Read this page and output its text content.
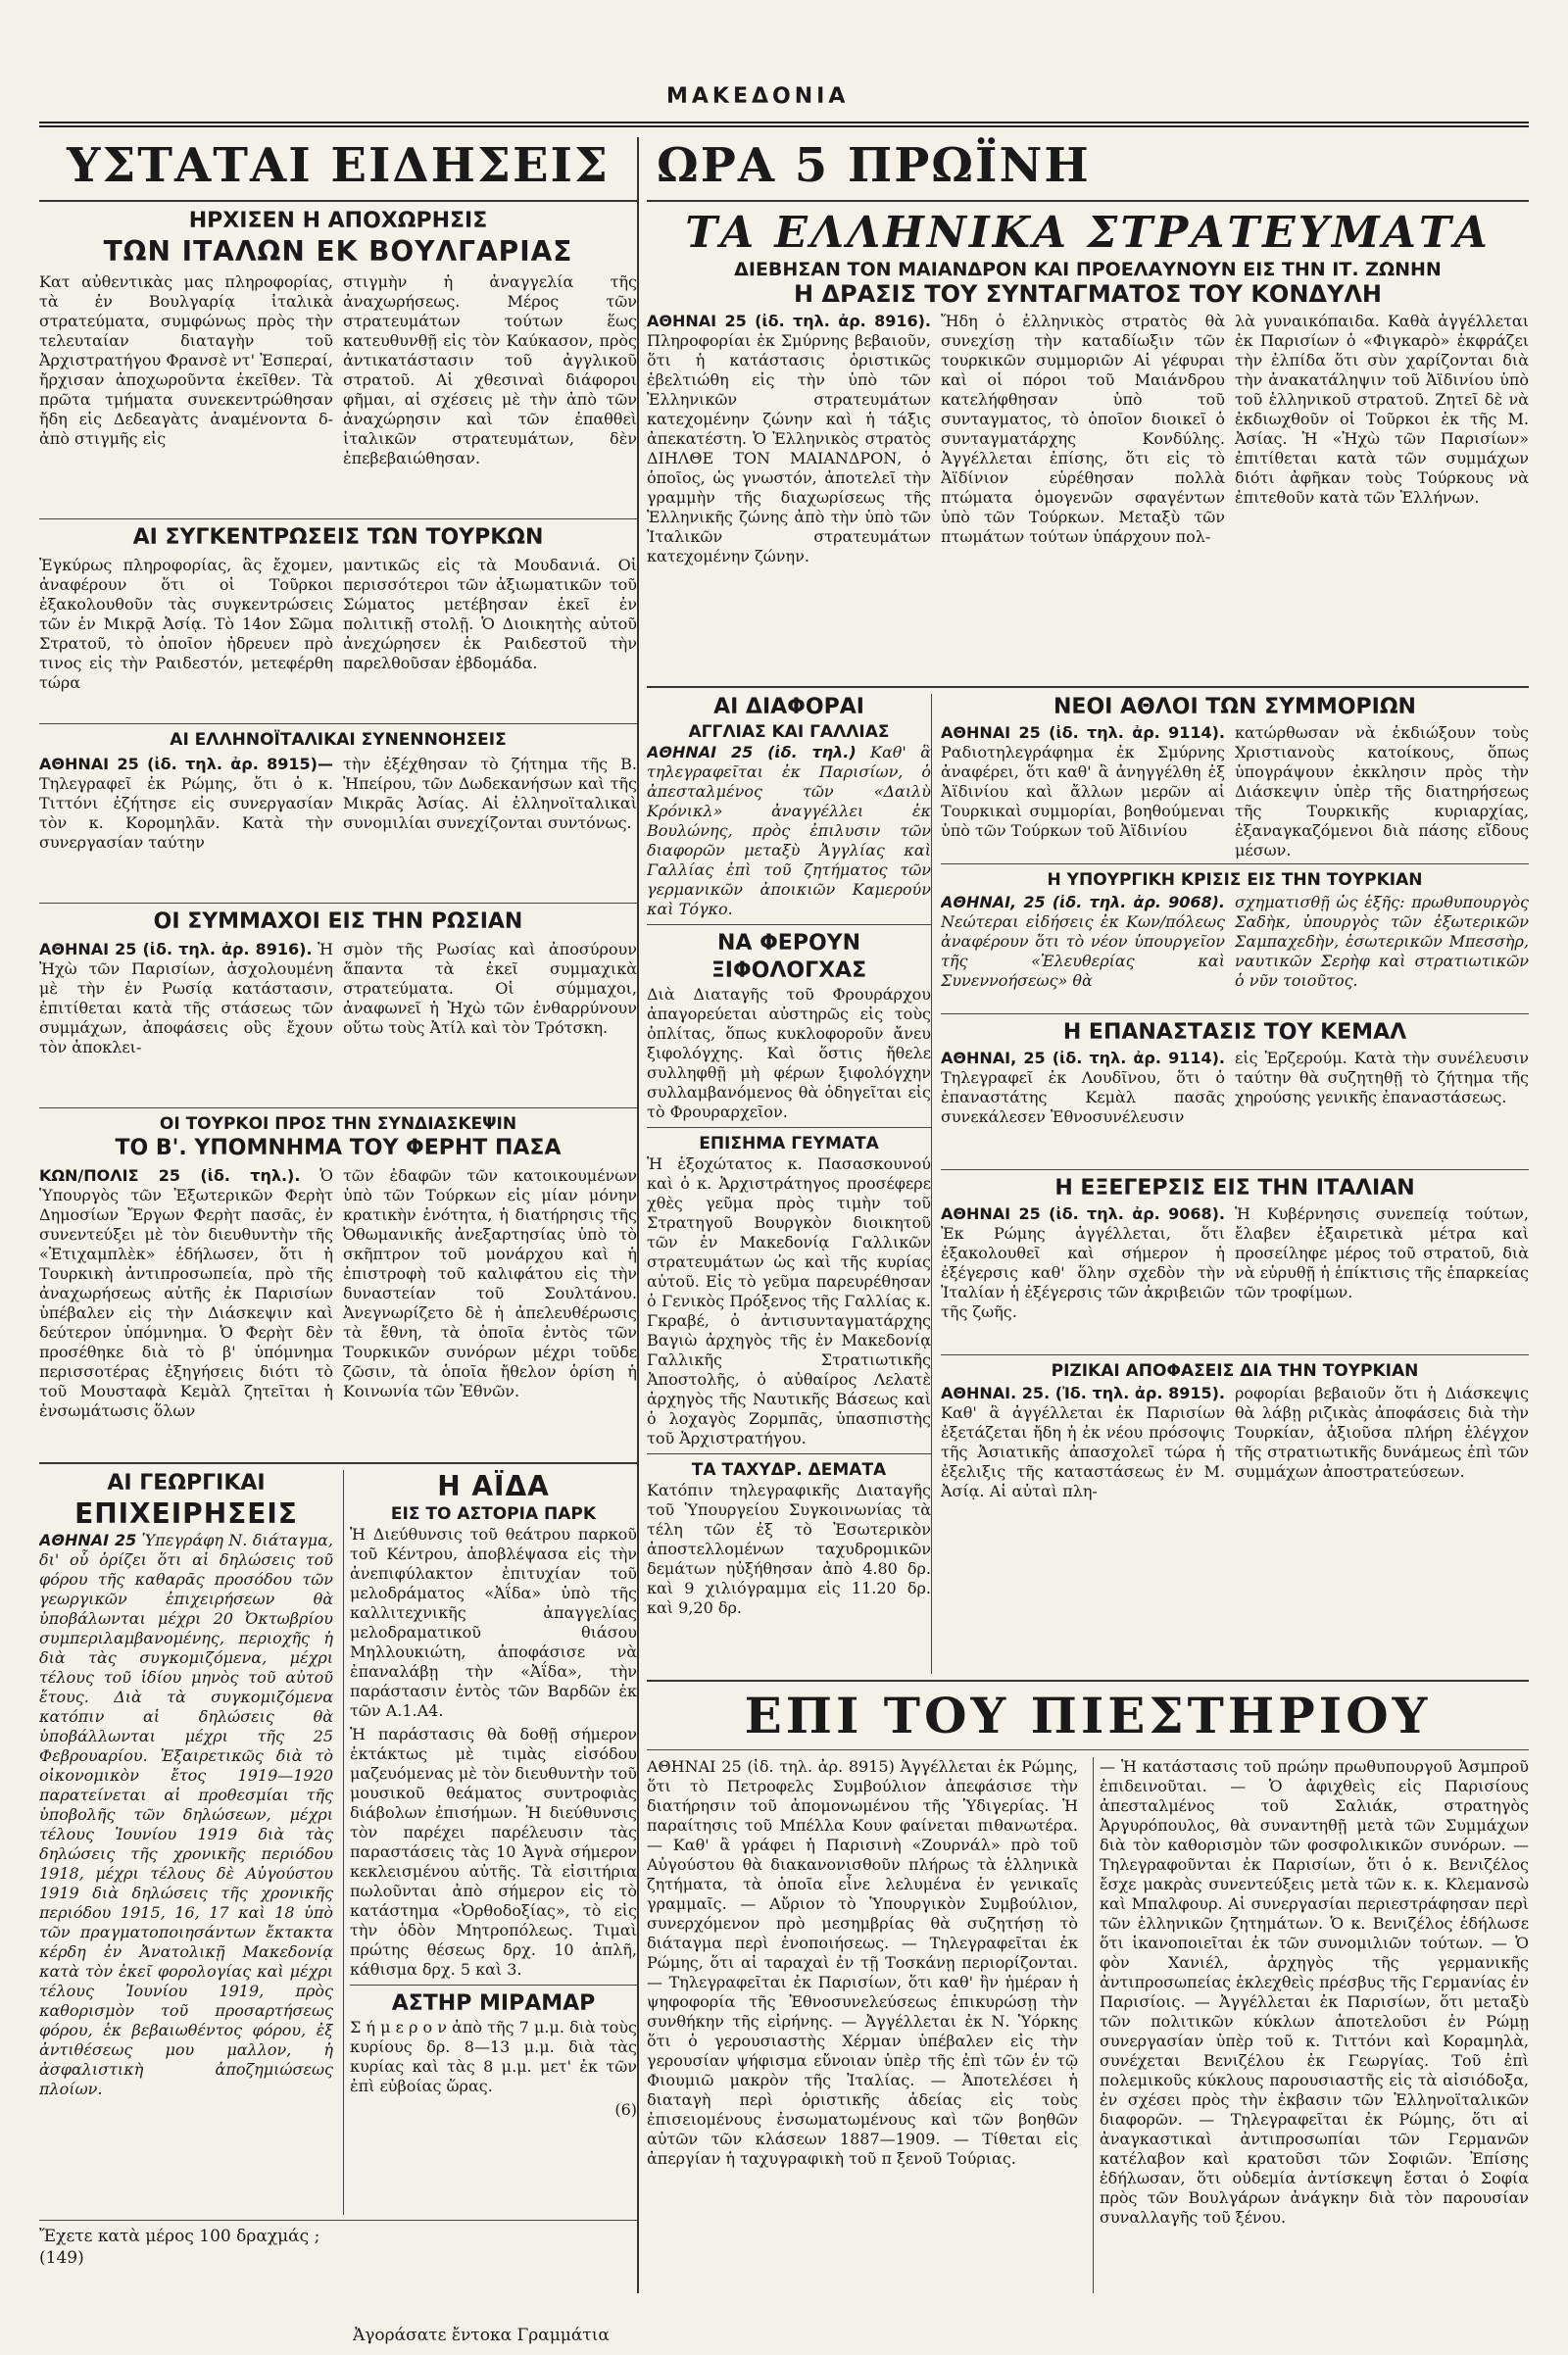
ΜΑΚΕΔΟΝΙΑ
ΥΣΤΑΤΑΙ ΕΙΔΗΣΕΙΣ
ΗΡΧΙΣΕΝ Η ΑΠΟΧΩΡΗΣΙΣ
ΤΩΝ ΙΤΑΛΩΝ ΕΚ ΒΟΥΛΓΑΡΙΑΣ

Κατ αὐθεντικὰς μας πληροφορίας, τὰ ἐν Βουλγαρίᾳ ἰταλικὰ στρατεύματα, συμφώνως πρὸς τὴν τελευταίαν διαταγὴν τοῦ Ἀρχιστρατήγου Φρανσὲ ντ' Ἐσπεραί, ἤρχισαν ἀποχωροῦντα ἐκεῖθεν. Τὰ πρῶτα τμήματα συνεκεντρώθησαν ἤδη εἰς Δεδεαγὰτς ἀναμένοντα δ- ἀπὸ στιγμῆς εἰς

στιγμὴν ἡ ἀναγγελία τῆς ἀναχωρήσεως. Μέρος τῶν στρατευμάτων τούτων ἕως κατευθυνθῇ εἰς τὸν Καύκασον, πρὸς ἀντικατάστασιν τοῦ ἀγγλικοῦ στρατοῦ. Αἱ χθεσιναὶ διάφοροι φῆμαι, αἱ σχέσεις μὲ τὴν ἀπὸ τῶν ἀναχώρησιν καὶ τῶν ἐπαθθεὶ ἰταλικῶν στρατευμάτων, δὲν ἐπεβεβαιώθησαν.

ΑΙ ΣΥΓΚΕΝΤΡΩΣΕΙΣ ΤΩΝ ΤΟΥΡΚΩΝ

Ἐγκύρως πληροφορίας, ἃς ἔχομεν, ἀναφέρουν ὅτι οἱ Τοῦρκοι ἐξακολουθοῦν τὰς συγκεντρώσεις τῶν ἐν Μικρᾷ Ἀσίᾳ. Τὸ 14ον Σῶμα Στρατοῦ, τὸ ὁποῖον ἠδρευεν πρὸ τινος εἰς τὴν Ραιδεστόν, μετεφέρθη τώρα

μαντικῶς εἰς τὰ Μουδανιά. Οἱ περισσότεροι τῶν ἀξιωματικῶν τοῦ Σώματος μετέβησαν ἐκεῖ ἐν πολιτικῇ στολῇ. Ὁ Διοικητὴς αὐτοῦ ἀνεχώρησεν ἐκ Ραιδεστοῦ τὴν παρελθοῦσαν ἑβδομάδα.

ΑΙ ΕΛΛΗΝΟΪΤΑΛΙΚΑΙ ΣΥΝΕΝΝΟΗΣΕΙΣ

ΑΘΗΝΑΙ 25 (ἰδ. τηλ. ἀρ. 8915)— Τηλεγραφεῖ ἐκ Ρώμης, ὅτι ὁ κ. Τιττόνι ἐζήτησε εἰς συνεργασίαν τὸν κ. Κορομηλᾶν. Κατὰ τὴν συνεργασίαν ταύτην

τὴν ἐξέχθησαν τὸ ζήτημα τῆς Β. Ἠπείρου, τῶν Δωδεκανήσων καὶ τῆς Μικρᾶς Ἀσίας. Αἱ ἑλληνοϊταλικαὶ συνομιλίαι συνεχίζονται συντόνως.

ΟΙ ΣΥΜΜΑΧΟΙ ΕΙΣ ΤΗΝ ΡΩΣΙΑΝ

ΑΘΗΝΑΙ 25 (ἰδ. τηλ. ἀρ. 8916). Ἡ Ἠχὼ τῶν Παρισίων, ἀσχολουμένη μὲ τὴν ἐν Ρωσίᾳ κατάστασιν, ἐπιτίθεται κατὰ τῆς στάσεως τῶν συμμάχων, ἀποφάσεις οὓς ἔχουν τὸν ἀποκλει-

σμὸν τῆς Ρωσίας καὶ ἀποσύρουν ἅπαντα τὰ ἐκεῖ συμμαχικὰ στρατεύματα. Οἱ σύμμαχοι, ἀναφωνεῖ ἡ Ἠχὼ τῶν ἐνθαρρύνουν οὕτω τοὺς Ἀτίλ καὶ τὸν Τρότσκη.

ΟΙ ΤΟΥΡΚΟΙ ΠΡΟΣ ΤΗΝ ΣΥΝΔΙΑΣΚΕΨΙΝ
ΤΟ Β'. ΥΠΟΜΝΗΜΑ ΤΟΥ ΦΕΡΗΤ ΠΑΣΑ

ΚΩΝ/ΠΟΛΙΣ 25 (ἰδ. τηλ.). Ὁ Ὑπουργὸς τῶν Ἐξωτερικῶν Φερὴτ Δημοσίων Ἔργων Φερὴτ πασᾶς, ἐν συνεντεύξει μὲ τὸν διευθυντὴν τῆς «Ἐτιχαμπλὲκ» ἐδήλωσεν, ὅτι ἡ Τουρκικὴ ἀντιπροσωπεία, πρὸ τῆς ἀναχωρήσεως αὐτῆς ἐκ Παρισίων ὑπέβαλεν εἰς τὴν Διάσκεψιν καὶ δεύτερον ὑπόμνημα. Ὁ Φερὴτ δὲν προσέθηκε διὰ τὸ β' ὑπόμνημα περισσοτέρας ἐξηγήσεις διότι τὸ τοῦ Μουσταφὰ Κεμὰλ ζητεῖται ἡ ἐνσωμάτωσις ὅλων

τῶν ἐδαφῶν τῶν κατοικουμένων ὑπὸ τῶν Τούρκων εἰς μίαν μόνην κρατικὴν ἑνότητα, ἡ διατήρησις τῆς Ὀθωμανικῆς ἀνεξαρτησίας ὑπὸ τὸ σκῆπτρον τοῦ μονάρχου καὶ ἡ ἐπιστροφὴ τοῦ καλιφάτου εἰς τὴν δυναστείαν τοῦ Σουλτάνου. Ἀνεγνωρίζετο δὲ ἡ ἀπελευθέρωσις τὰ ἔθνη, τὰ ὁποῖα ἐντὸς τῶν Τουρκικῶν συνόρων μέχρι τοῦδε ζῶσιν, τὰ ὁποῖα ἤθελον ὁρίση ἡ Κοινωνία τῶν Ἐθνῶν.

ΑΙ ΓΕΩΡΓΙΚΑΙ
ΕΠΙΧΕΙΡΗΣΕΙΣ

ΑΘΗΝΑΙ 25 Ὑπεγράφη Ν. διάταγμα, δι' οὗ ὁρίζει ὅτι αἱ δηλώσεις τοῦ φόρου τῆς καθαρᾶς προσόδου τῶν γεωργικῶν ἐπιχειρήσεων θὰ ὑποβάλωνται μέχρι 20 Ὀκτωβρίου συμπεριλαμβανομένης, περιοχῆς ἡ διὰ τὰς συγκομιζόμενα, μέχρι τέλους τοῦ ἰδίου μηνὸς τοῦ αὐτοῦ ἔτους. Διὰ τὰ συγκομιζόμενα κατόπιν αἱ δηλώσεις θὰ ὑποβάλλωνται μέχρι τῆς 25 Φεβρουαρίου. Ἐξαιρετικῶς διὰ τὸ οἰκονομικὸν ἔτος 1919—1920 παρατείνεται αἱ προθεσμίαι τῆς ὑποβολῆς τῶν δηλώσεων, μέχρι τέλους Ἰουνίου 1919 διὰ τὰς δηλώσεις τῆς χρονικῆς περιόδου 1918, μέχρι τέλους δὲ Αὐγούστου 1919 διὰ δηλώσεις τῆς χρονικῆς περιόδου 1915, 16, 17 καὶ 18 ὑπὸ τῶν πραγματοποιησάντων ἔκτακτα κέρδη ἐν Ἀνατολικῇ Μακεδονίᾳ κατὰ τὸν ἐκεῖ φορολογίας καὶ μέχρι τέλους Ἰουνίου 1919, πρὸς καθορισμὸν τοῦ προσαρτήσεως φόρου, ἐκ βεβαιωθέντος φόρου, ἐξ ἀντιθέσεως μου μαλλον, ἡ ἀσφαλιστικὴ ἀποζημιώσεως πλοίων.

Η ΑΪΔΑ
ΕΙΣ ΤΟ ΑΣΤΟΡΙΑ ΠΑΡΚ

Ἡ Διεύθυνσις τοῦ θεάτρου παρκοῦ τοῦ Κέντρου, ἀποβλέψασα εἰς τὴν ἀνεπιφύλακτον ἐπιτυχίαν τοῦ μελοδράματος «Ἀΐδα» ὑπὸ τῆς καλλιτεχνικῆς ἀπαγγελίας μελοδραματικοῦ θιάσου Μηλλουκιώτη, ἀποφάσισε νὰ ἐπαναλάβῃ τὴν «Ἀΐδα», τὴν παράστασιν ἐντὸς τῶν Βαρδῶν ἐκ τῶν Α.1.Α4.

Ἡ παράστασις θὰ δοθῇ σήμερον ἐκτάκτως μὲ τιμὰς εἰσόδου μαζευόμενας μὲ τὸν διευθυντὴν τοῦ μουσικοῦ θεάματος συντροφιὰς διάβολων ἐπισήμων. Ἡ διεύθυνσις τὸν παρέχει παρέλευσιν τὰς παραστάσεις τὰς 10 Ἀγνὰ σήμερον κεκλεισμένου αὐτῆς. Τὰ εἰσιτήρια πωλοῦνται ἀπὸ σήμερον εἰς τὸ κατάστημα «Ὀρθοδοξίας», τὸ εἰς τὴν ὁδὸν Μητροπόλεως. Τιμαὶ πρώτης θέσεως δρχ. 10 ἀπλῆ, κάθισμα δρχ. 5 καὶ 3.

ΑΣΤΗΡ ΜΙΡΑΜΑΡ

Σ ή μ ε ρ ο ν ἀπὸ τῆς 7 μ.μ. διὰ τοὺς κυρίους δρ. 8—13 μ.μ. διὰ τὰς κυρίας καὶ τὰς 8 μ.μ. μετ' ἐκ τῶν ἐπὶ εὐβοίας ὥρας.

(6)

Ἔχετε κατὰ μέρος 100 δραχμάς ;

(149)

ΩΡΑ 5 ΠΡΩΪΝΗ
ΤΑ ΕΛΛΗΝΙΚΑ ΣΤΡΑΤΕΥΜΑΤΑ
ΔΙΕΒΗΣΑΝ ΤΟΝ ΜΑΙΑΝΔΡΟΝ ΚΑΙ ΠΡΟΕΛΑΥΝΟΥΝ ΕΙΣ ΤΗΝ ΙΤ. ΖΩΝΗΝ
Η ΔΡΑΣΙΣ ΤΟΥ ΣΥΝΤΑΓΜΑΤΟΣ ΤΟΥ ΚΟΝΔΥΛΗ

ΑΘΗΝΑΙ 25 (ἰδ. τηλ. ἀρ. 8916). Πληροφορίαι ἐκ Σμύρνης βεβαιοῦν, ὅτι ἡ κατάστασις ὁριστικῶς ἐβελτιώθη εἰς τὴν ὑπὸ τῶν Ἑλληνικῶν στρατευμάτων κατεχομένην ζώνην καὶ ἡ τάξις ἀπεκατέστη. Ὁ Ἑλληνικὸς στρατὸς ΔΙΗΛΘΕ ΤΟΝ ΜΑΙΑΝΔΡΟΝ, ὁ ὁποῖος, ὡς γνωστόν, ἀποτελεῖ τὴν γραμμὴν τῆς διαχωρίσεως τῆς Ἑλληνικῆς ζώνης ἀπὸ τὴν ὑπὸ τῶν Ἰταλικῶν στρατευμάτων κατεχομένην ζώνην.

Ἤδη ὁ ἑλληνικὸς στρατὸς θὰ συνεχίσῃ τὴν καταδίωξιν τῶν τουρκικῶν συμμοριῶν Αἱ γέφυραι καὶ οἱ πόροι τοῦ Μαιάνδρου κατελήφθησαν ὑπὸ τοῦ συνταγματος, τὸ ὁποῖον διοικεῖ ὁ συνταγματάρχης Κονδύλης. Ἀγγέλλεται ἐπίσης, ὅτι εἰς τὸ Ἀϊδίνιον εὑρέθησαν πολλὰ πτώματα ὁμογενῶν σφαγέντων ὑπὸ τῶν Τούρκων. Μεταξὺ τῶν πτωμάτων τούτων ὑπάρχουν πολ-

λὰ γυναικόπαιδα. Καθὰ ἀγγέλλεται ἐκ Παρισίων ὁ «Φιγκαρὸ» ἐκφράζει τὴν ἐλπίδα ὅτι σὺν χαρίζονται διὰ τὴν ἀνακατάληψιν τοῦ Ἀϊδινίου ὑπὸ τοῦ ἑλληνικοῦ στρατοῦ. Ζητεῖ δὲ νὰ ἐκδιωχθοῦν οἱ Τοῦρκοι ἐκ τῆς Μ. Ἀσίας. Ἡ «Ἠχὼ τῶν Παρισίων» ἐπιτίθεται κατὰ τῶν συμμάχων διότι ἀφῆκαν τοὺς Τούρκους νὰ ἐπιτεθοῦν κατὰ τῶν Ἑλλήνων.

ΑΙ ΔΙΑΦΟΡΑΙ
ΑΓΓΛΙΑΣ ΚΑΙ ΓΑΛΛΙΑΣ

ΑΘΗΝΑΙ 25 (ἰδ. τηλ.) Καθ' ἃ τηλεγραφεῖται ἐκ Παρισίων, ὁ ἀπεσταλμένος τῶν «Δαιλὺ Κρόνικλ» ἀναγγέλλει ἐκ Βουλώνης, πρὸς ἐπιλυσιν τῶν διαφορῶν μεταξὺ Ἀγγλίας καὶ Γαλλίας ἐπὶ τοῦ ζητήματος τῶν γερμανικῶν ἀποικιῶν Καμερούν καὶ Τόγκο.

ΝΑ ΦΕΡΟΥΝ
ΞΙΦΟΛΟΓΧΑΣ

Διὰ Διαταγῆς τοῦ Φρουράρχου ἀπαγορεύεται αὐστηρῶς εἰς τοὺς ὁπλίτας, ὅπως κυκλοφοροῦν ἄνευ ξιφολόγχης. Καὶ ὅστις ἤθελε συλληφθῇ μὴ φέρων ξιφολόγχην συλλαμβανόμενος θὰ ὁδηγεῖται εἰς τὸ Φρουραρχεῖον.

ΕΠΙΣΗΜΑ ΓΕΥΜΑΤΑ

Ἡ ἐξοχώτατος κ. Πασασκουνού καὶ ὁ κ. Ἀρχιστράτηγος προσέφερε χθὲς γεῦμα πρὸς τιμὴν τοῦ Στρατηγοῦ Βουργκὸν διοικητοῦ τῶν ἐν Μακεδονίᾳ Γαλλικῶν στρατευμάτων ὡς καὶ τῆς κυρίας αὐτοῦ. Εἰς τὸ γεῦμα παρευρέθησαν ὁ Γενικὸς Πρόξενος τῆς Γαλλίας κ. Γκραβέ, ὁ ἀντισυνταγματάρχης Βαγιὼ ἀρχηγὸς τῆς ἐν Μακεδονίᾳ Γαλλικῆς Στρατιωτικῆς Ἀποστολῆς, ὁ αὐθαίρος Λελατὲ ἀρχηγὸς τῆς Ναυτικῆς Βάσεως καὶ ὁ λοχαγὸς Ζορμπᾶς, ὑπασπιστὴς τοῦ Ἀρχιστρατήγου.

ΤΑ ΤΑΧΥΔΡ. ΔΕΜΑΤΑ

Κατόπιν τηλεγραφικῆς Διαταγῆς τοῦ Ὑπουργείου Συγκοινωνίας τὰ τέλη τῶν ἐξ τὸ Ἐσωτερικὸν ἀποστελλομένων ταχυδρομικῶν δεμάτων ηὐξήθησαν ἀπὸ 4.80 δρ. καὶ 9 χιλιόγραμμα εἰς 11.20 δρ. καὶ 9,20 δρ.

ΝΕΟΙ ΑΘΛΟΙ ΤΩΝ ΣΥΜΜΟΡΙΩΝ

ΑΘΗΝΑΙ 25 (ἰδ. τηλ. ἀρ. 9114). Ραδιοτηλεγράφημα ἐκ Σμύρνης ἀναφέρει, ὅτι καθ' ἃ ἀνηγγέλθη ἐξ Ἀϊδινίου καὶ ἄλλων μερῶν αἱ Τουρκικαὶ συμμορίαι, βοηθούμεναι ὑπὸ τῶν Τούρκων τοῦ Ἀϊδινίου

κατώρθωσαν νὰ ἐκδιώξουν τοὺς Χριστιανοὺς κατοίκους, ὅπως ὑπογράψουν ἐκκλησιν πρὸς τὴν Διάσκεψιν ὑπὲρ τῆς διατηρήσεως τῆς Τουρκικῆς κυριαρχίας, ἐξαναγκαζόμενοι διὰ πάσης εἴδους μέσων.

Η ΥΠΟΥΡΓΙΚΗ ΚΡΙΣΙΣ ΕΙΣ ΤΗΝ ΤΟΥΡΚΙΑΝ

ΑΘΗΝΑΙ, 25 (ἰδ. τηλ. ἀρ. 9068). Νεώτεραι εἰδήσεις ἐκ Κων/πόλεως ἀναφέρουν ὅτι τὸ νέον ὑπουργεῖον τῆς «Ἐλευθερίας καὶ Συνεννοήσεως» θὰ

σχηματισθῇ ὡς ἑξῆς: πρωθυπουργὸς Σαδὴκ, ὑπουργὸς τῶν ἐξωτερικῶν Σαμπαχεδὴν, ἐσωτερικῶν Μπεσσὴρ, ναυτικῶν Σερὴφ καὶ στρατιωτικῶν ὁ νῦν τοιοῦτος.

Η ΕΠΑΝΑΣΤΑΣΙΣ ΤΟΥ ΚΕΜΑΛ

ΑΘΗΝΑΙ, 25 (ἰδ. τηλ. ἀρ. 9114). Τηλεγραφεῖ ἐκ Λουδῖνου, ὅτι ὁ ἐπαναστάτης Κεμὰλ πασᾶς συνεκάλεσεν Ἐθνοσυνέλευσιν

εἰς Ἐρζερούμ. Κατὰ τὴν συνέλευσιν ταύτην θὰ συζητηθῇ τὸ ζήτημα τῆς χηρούσης γενικῆς ἐπαναστάσεως.

Η ΕΞΕΓΕΡΣΙΣ ΕΙΣ ΤΗΝ ΙΤΑΛΙΑΝ

ΑΘΗΝΑΙ 25 (ἰδ. τηλ. ἀρ. 9068). Ἐκ Ρώμης ἀγγέλλεται, ὅτι ἐξακολουθεῖ καὶ σήμερον ἡ ἐξέγερσις καθ' ὅλην σχεδὸν τὴν Ἰταλίαν ἡ ἐξέγερσις τῶν ἀκριβειῶν τῆς ζωῆς.

Ἡ Κυβέρνησις συνεπείᾳ τούτων, ἔλαβεν ἐξαιρετικὰ μέτρα καὶ προσείληφε μέρος τοῦ στρατοῦ, διὰ νὰ εὐρυθῇ ἡ ἐπίκτισις τῆς ἐπαρκείας τῶν τροφίμων.

ΡΙΖΙΚΑΙ ΑΠΟΦΑΣΕΙΣ ΔΙΑ ΤΗΝ ΤΟΥΡΚΙΑΝ

ΑΘΗΝΑΙ. 25. (Ἰδ. τηλ. ἀρ. 8915). Καθ' ἃ ἀγγέλλεται ἐκ Παρισίων ἐξετάζεται ἤδη ἡ ἐκ νέου πρόσοψις τῆς Ἀσιατικῆς ἀπασχολεῖ τώρα ἡ ἐξελιξις τῆς καταστάσεως ἐν Μ. Ἀσίᾳ. Αἱ αὐταὶ πλη-

ροφορίαι βεβαιοῦν ὅτι ἡ Διάσκεψις θὰ λάβῃ ριζικὰς ἀποφάσεις διὰ τὴν Τουρκίαν, ἀξιοῦσα πλήρη ἐλέγχον τῆς στρατιωτικῆς δυνάμεως ἐπὶ τῶν συμμάχων ἀποστρατεύσεων.

ΕΠΙ ΤΟΥ ΠΙΕΣΤΗΡΙΟΥ

ΑΘΗΝΑΙ 25 (ἰδ. τηλ. ἀρ. 8915) Ἀγγέλλεται ἐκ Ρώμης, ὅτι τὸ Πετροφελς Συμβούλιον ἀπεφάσισε τὴν διατήρησιν τοῦ ἀπομονωμένου τῆς Ὑδιγερίας. Ἡ παραίτησις τοῦ Μπέλλα Κουν φαίνεται πιθανωτέρα. — Καθ' ἃ γράφει ἡ Παρισινὴ «Ζουρνάλ» πρὸ τοῦ Αὐγούστου θὰ διακανονισθοῦν πλήρως τὰ ἑλληνικὰ ζητήματα, τὰ ὁποῖα εἶνε λελυμένα ἐν γενικαῖς γραμμαῖς. — Αὔριον τὸ Ὑπουργικὸν Συμβούλιον, συνερχόμενον πρὸ μεσημβρίας θὰ συζητήσῃ τὸ διάταγμα περὶ ἑνοποιήσεως. — Τηλεγραφεῖται ἐκ Ρώμης, ὅτι αἱ ταραχαὶ ἐν τῇ Τοσκάνῃ περιορίζονται. — Τηλεγραφεῖται ἐκ Παρισίων, ὅτι καθ' ἣν ἡμέραν ἡ ψηφοφορία τῆς Ἐθνοσυνελεύσεως ἐπικυρώσῃ τὴν συνθήκην τῆς εἰρήνης. — Ἀγγέλλεται ἐκ Ν. Ὑόρκης ὅτι ὁ γερουσιαστὴς Χέρμαν ὑπέβαλεν εἰς τὴν γερουσίαν ψήφισμα εὔνοιαν ὑπὲρ τῆς ἐπὶ τῶν ἐν τῷ Φιουμιῶ μακρὸν τῆς Ἰταλίας. — Ἀποτελέσει ἡ διαταγὴ περὶ ὁριστικῆς ἀδείας εἰς τοὺς ἐπισειομένους ἐνσωματωμένους καὶ τῶν βοηθῶν αὐτῶν τῶν κλάσεων 1887—1909. — Τίθεται εἰς ἀπεργίαν ἡ ταχυγραφικὴ τοῦ π ξενοῦ Τούριας.

— Ἡ κατάστασις τοῦ πρώην πρωθυπουργοῦ Ἀσμπροῦ ἐπιδεινοῦται. — Ὁ ἀφιχθεὶς εἰς Παρισίους ἀπεσταλμένος τοῦ Σαλιάκ, στρατηγὸς Ἀργυρόπουλος, θὰ συναντηθῇ μετὰ τῶν Συμμάχων διὰ τὸν καθορισμὸν τῶν φοσφολικικῶν συνόρων. — Τηλεγραφοῦνται ἐκ Παρισίων, ὅτι ὁ κ. Βενιζέλος ἔσχε μακρὰς συνεντεύξεις μετὰ τῶν κ. κ. Κλεμανσὼ καὶ Μπαλφουρ. Αἱ συνεργασίαι περιεστράφησαν περὶ τῶν ἑλληνικῶν ζητημάτων. Ὁ κ. Βενιζέλος ἐδήλωσε ὅτι ἱκανοποιεῖται ἐκ τῶν συνομιλιῶν τούτων. — Ὁ φὸν Χανιέλ, ἀρχηγὸς τῆς γερμανικῆς ἀντιπροσωπείας ἐκλεχθεὶς πρέσβυς τῆς Γερμανίας ἐν Παρισίοις. — Ἀγγέλλεται ἐκ Παρισίων, ὅτι μεταξὺ τῶν πολιτικῶν κύκλων ἀποτελοῦσι ἐν Ρώμῃ συνεργασίαν ὑπὲρ τοῦ κ. Τιττόνι καὶ Κοραμηλὰ, συνέχεται Βενιζέλου ἐκ Γεωργίας. Τοῦ ἐπὶ πολεμικοῦς κύκλους παρουσιαστῆς εἰς τὰ αἰσιόδοξα, ἐν σχέσει πρὸς τὴν ἐκβασιν τῶν Ἑλληνοϊταλικῶν διαφορῶν. — Τηλεγραφεῖται ἐκ Ρώμης, ὅτι αἱ ἀναγκαστικαὶ ἀντιπροσωπίαι τῶν Γερμανῶν κατέλαβον καὶ κρατοῦσι τῶν Σοφιῶν. Ἐπίσης ἐδήλωσαν, ὅτι οὐδεμία ἀντίσκεψη ἔσται ὁ Σοφία πρὸς τῶν Βουλγάρων ἀνάγκην διὰ τὸν παρουσίαν συναλλαγῆς τοῦ ξένου.

Ἀγοράσατε ἔντοκα Γραμμάτια
